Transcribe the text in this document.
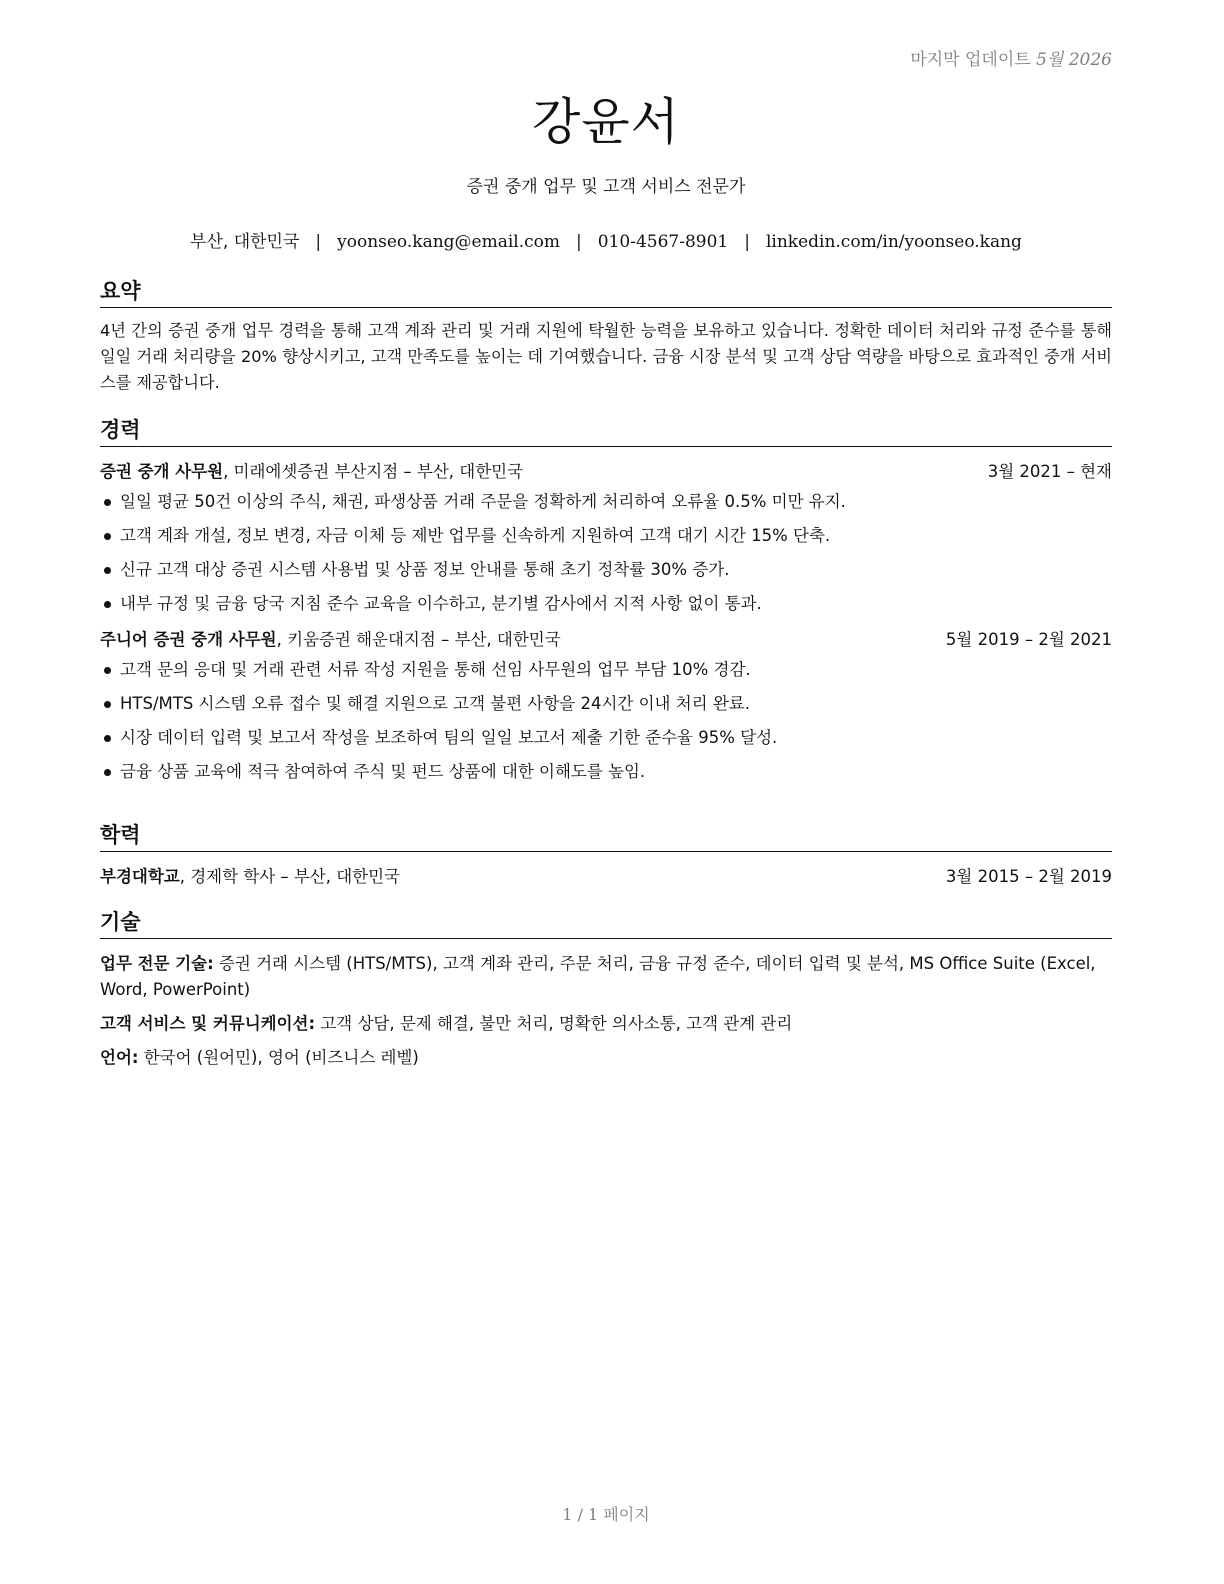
마지막 업데이트 5월 2026
강윤서
증권 중개 업무 및 고객 서비스 전문가
부산, 대한민국 | yoonseo.kang@email.com | 010-4567-8901 | linkedin.com/in/yoonseo.kang
요약
4년 간의 증권 중개 업무 경력을 통해 고객 계좌 관리 및 거래 지원에 탁월한 능력을 보유하고 있습니다. 정확한 데이터 처리와 규정 준수를 통해 일일 거래 처리량을 20% 향상시키고, 고객 만족도를 높이는 데 기여했습니다. 금융 시장 분석 및 고객 상담 역량을 바탕으로 효과적인 중개 서비스를 제공합니다.
경력
증권 중개 사무원, 미래에셋증권 부산지점 – 부산, 대한민국	3월 2021 – 현재
일일 평균 50건 이상의 주식, 채권, 파생상품 거래 주문을 정확하게 처리하여 오류율 0.5% 미만 유지.
고객 계좌 개설, 정보 변경, 자금 이체 등 제반 업무를 신속하게 지원하여 고객 대기 시간 15% 단축.
신규 고객 대상 증권 시스템 사용법 및 상품 정보 안내를 통해 초기 정착률 30% 증가.
내부 규정 및 금융 당국 지침 준수 교육을 이수하고, 분기별 감사에서 지적 사항 없이 통과.
주니어 증권 중개 사무원, 키움증권 해운대지점 – 부산, 대한민국	5월 2019 – 2월 2021
고객 문의 응대 및 거래 관련 서류 작성 지원을 통해 선임 사무원의 업무 부담 10% 경감.
HTS/MTS 시스템 오류 접수 및 해결 지원으로 고객 불편 사항을 24시간 이내 처리 완료.
시장 데이터 입력 및 보고서 작성을 보조하여 팀의 일일 보고서 제출 기한 준수율 95% 달성.
금융 상품 교육에 적극 참여하여 주식 및 펀드 상품에 대한 이해도를 높임.
학력
부경대학교, 경제학 학사 – 부산, 대한민국	3월 2015 – 2월 2019
기술
업무 전문 기술: 증권 거래 시스템 (HTS/MTS), 고객 계좌 관리, 주문 처리, 금융 규정 준수, 데이터 입력 및 분석, MS Office Suite (Excel, Word, PowerPoint)
고객 서비스 및 커뮤니케이션: 고객 상담, 문제 해결, 불만 처리, 명확한 의사소통, 고객 관계 관리
언어: 한국어 (원어민), 영어 (비즈니스 레벨)
1 / 1 페이지
